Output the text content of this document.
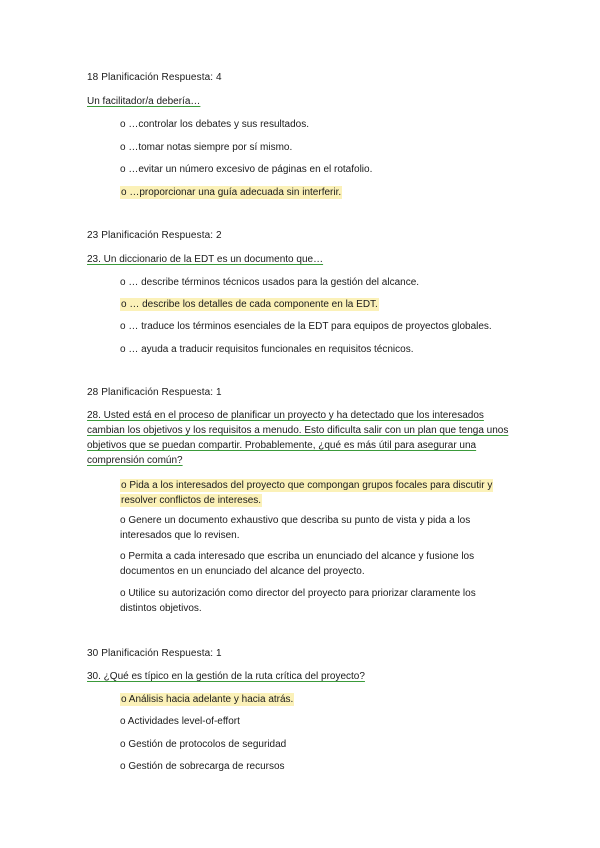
18 Planificación Respuesta: 4
Un facilitador/a debería…
o …controlar los debates y sus resultados.
o …tomar notas siempre por sí mismo.
o …evitar un número excesivo de páginas en el rotafolio.
o …proporcionar una guía adecuada sin interferir.
23 Planificación Respuesta: 2
23. Un diccionario de la EDT es un documento que…
o … describe términos técnicos usados para la gestión del alcance.
o … describe los detalles de cada componente en la EDT.
o … traduce los términos esenciales de la EDT para equipos de proyectos globales.
o … ayuda a traducir requisitos funcionales en requisitos técnicos.
28 Planificación Respuesta: 1
28. Usted está en el proceso de planificar un proyecto y ha detectado que los interesados cambian los objetivos y los requisitos a menudo. Esto dificulta salir con un plan que tenga unos objetivos que se puedan compartir. Probablemente, ¿qué es más útil para asegurar una comprensión común?
o Pida a los interesados del proyecto que compongan grupos focales para discutir y resolver conflictos de intereses.
o Genere un documento exhaustivo que describa su punto de vista y pida a los interesados que lo revisen.
o Permita a cada interesado que escriba un enunciado del alcance y fusione los documentos en un enunciado del alcance del proyecto.
o Utilice su autorización como director del proyecto para priorizar claramente los distintos objetivos.
30 Planificación Respuesta: 1
30. ¿Qué es típico en la gestión de la ruta crítica del proyecto?
o Análisis hacia adelante y hacia atrás.
o Actividades level-of-effort
o Gestión de protocolos de seguridad
o Gestión de sobrecarga de recursos
